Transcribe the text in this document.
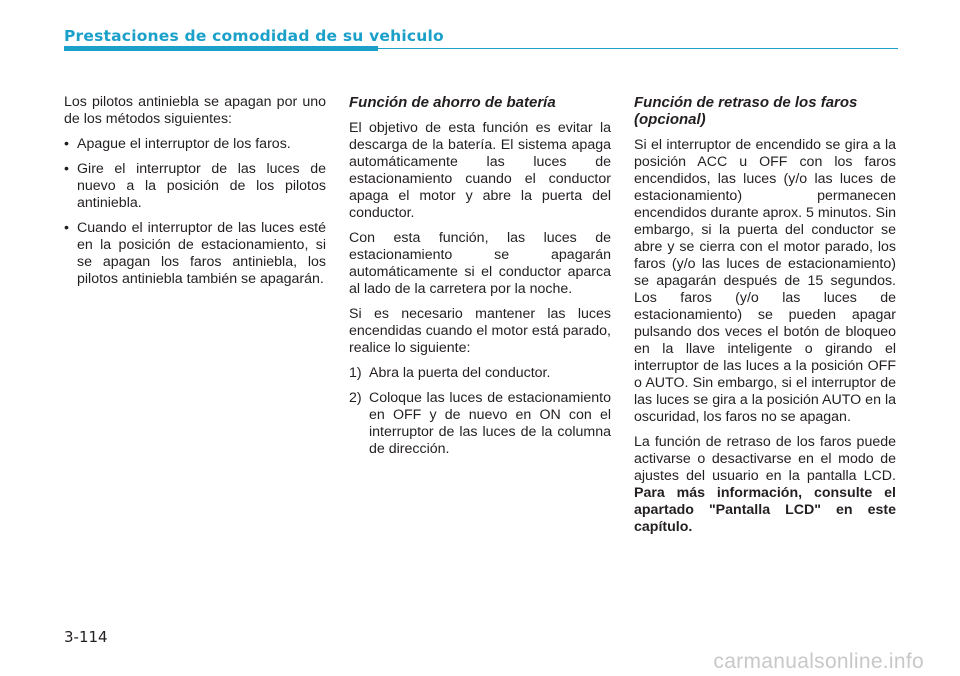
Prestaciones de comodidad de su vehiculo

Los pilotos antiniebla se apagan por uno de los métodos siguientes:

• Apague el interruptor de los faros.
• Gire el interruptor de las luces de nuevo a la posición de los pilotos antiniebla.
• Cuando el interruptor de las luces esté en la posición de estacionamiento, si se apagan los faros antiniebla, los pilotos antiniebla también se apagarán.
Función de ahorro de batería

El objetivo de esta función es evitar la descarga de la batería. El sistema apaga automáticamente las luces de estacionamiento cuando el conductor apaga el motor y abre la puerta del conductor.

Con esta función, las luces de estacionamiento se apagarán automáticamente si el conductor aparca al lado de la carretera por la noche.

Si es necesario mantener las luces encendidas cuando el motor está parado, realice lo siguiente:

1) Abra la puerta del conductor.
2) Coloque las luces de estacionamiento en OFF y de nuevo en ON con el interruptor de las luces de la columna de dirección.
Función de retraso de los faros (opcional)

Si el interruptor de encendido se gira a la posición ACC u OFF con los faros encendidos, las luces (y/o las luces de estacionamiento) permanecen encendidos durante aprox. 5 minutos. Sin embargo, si la puerta del conductor se abre y se cierra con el motor parado, los faros (y/o las luces de estacionamiento) se apagarán después de 15 segundos. Los faros (y/o las luces de estacionamiento) se pueden apagar pulsando dos veces el botón de bloqueo en la llave inteligente o girando el interruptor de las luces a la posición OFF o AUTO. Sin embargo, si el interruptor de las luces se gira a la posición AUTO en la oscuridad, los faros no se apagan.

La función de retraso de los faros puede activarse o desactivarse en el modo de ajustes del usuario en la pantalla LCD. Para más información, consulte el apartado "Pantalla LCD" en este capítulo.

3-114
carmanualsonline.info
